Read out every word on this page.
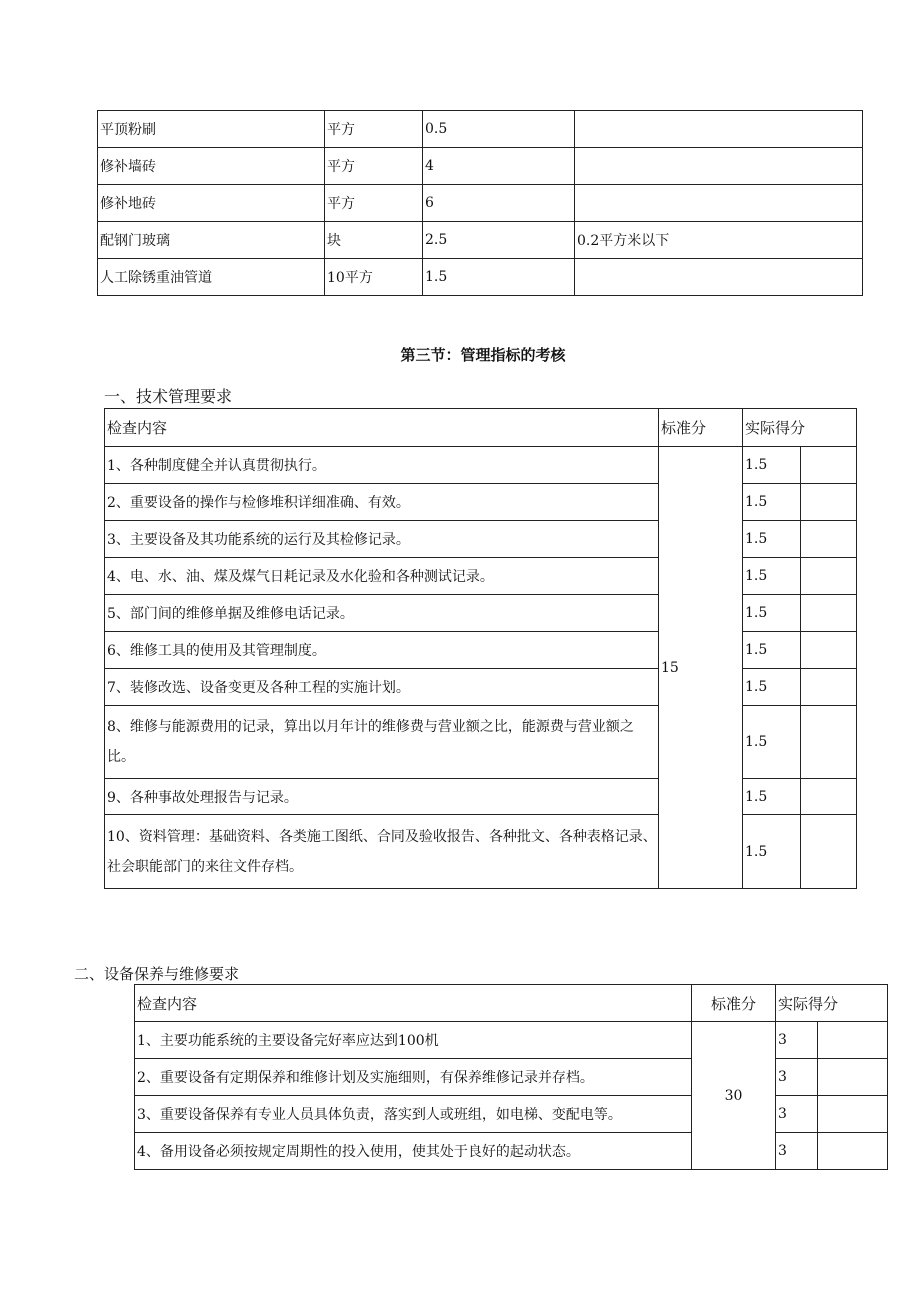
平顶粉刷	平方	0.5	
修补墙砖	平方	4	
修补地砖	平方	6	
配钢门玻璃	块	2.5	0.2平方米以下
人工除锈重油管道	10平方	1.5	
第三节：管理指标的考核
一、技术管理要求
检查内容	标准分	实际得分	
1、各种制度健全并认真贯彻执行。	15	1.5	
2、重要设备的操作与检修堆积详细准确、有效。		1.5	
3、主要设备及其功能系统的运行及其检修记录。		1.5	
4、电、水、油、煤及煤气日耗记录及水化验和各种测试记录。		1.5	
5、部门间的维修单据及维修电话记录。		1.5	
6、维修工具的使用及其管理制度。		1.5	
7、装修改选、设备变更及各种工程的实施计划。		1.5	
8、维修与能源费用的记录，算出以月年计的维修费与营业额之比，能源费与营业额之比。		1.5	
9、各种事故处理报告与记录。		1.5	
10、资料管理：基础资料、各类施工图纸、合同及验收报告、各种批文、各种表格记录、社会职能部门的来往文件存档。		1.5	
二、设备保养与维修要求
检查内容	标准分	实际得分	
1、主要功能系统的主要设备完好率应达到100机	30	3	
2、重要设备有定期保养和维修计划及实施细则，有保养维修记录并存档。		3	
3、重要设备保养有专业人员具体负责，落实到人或班组，如电梯、变配电等。		3	
4、备用设备必须按规定周期性的投入使用，使其处于良好的起动状态。		3	
